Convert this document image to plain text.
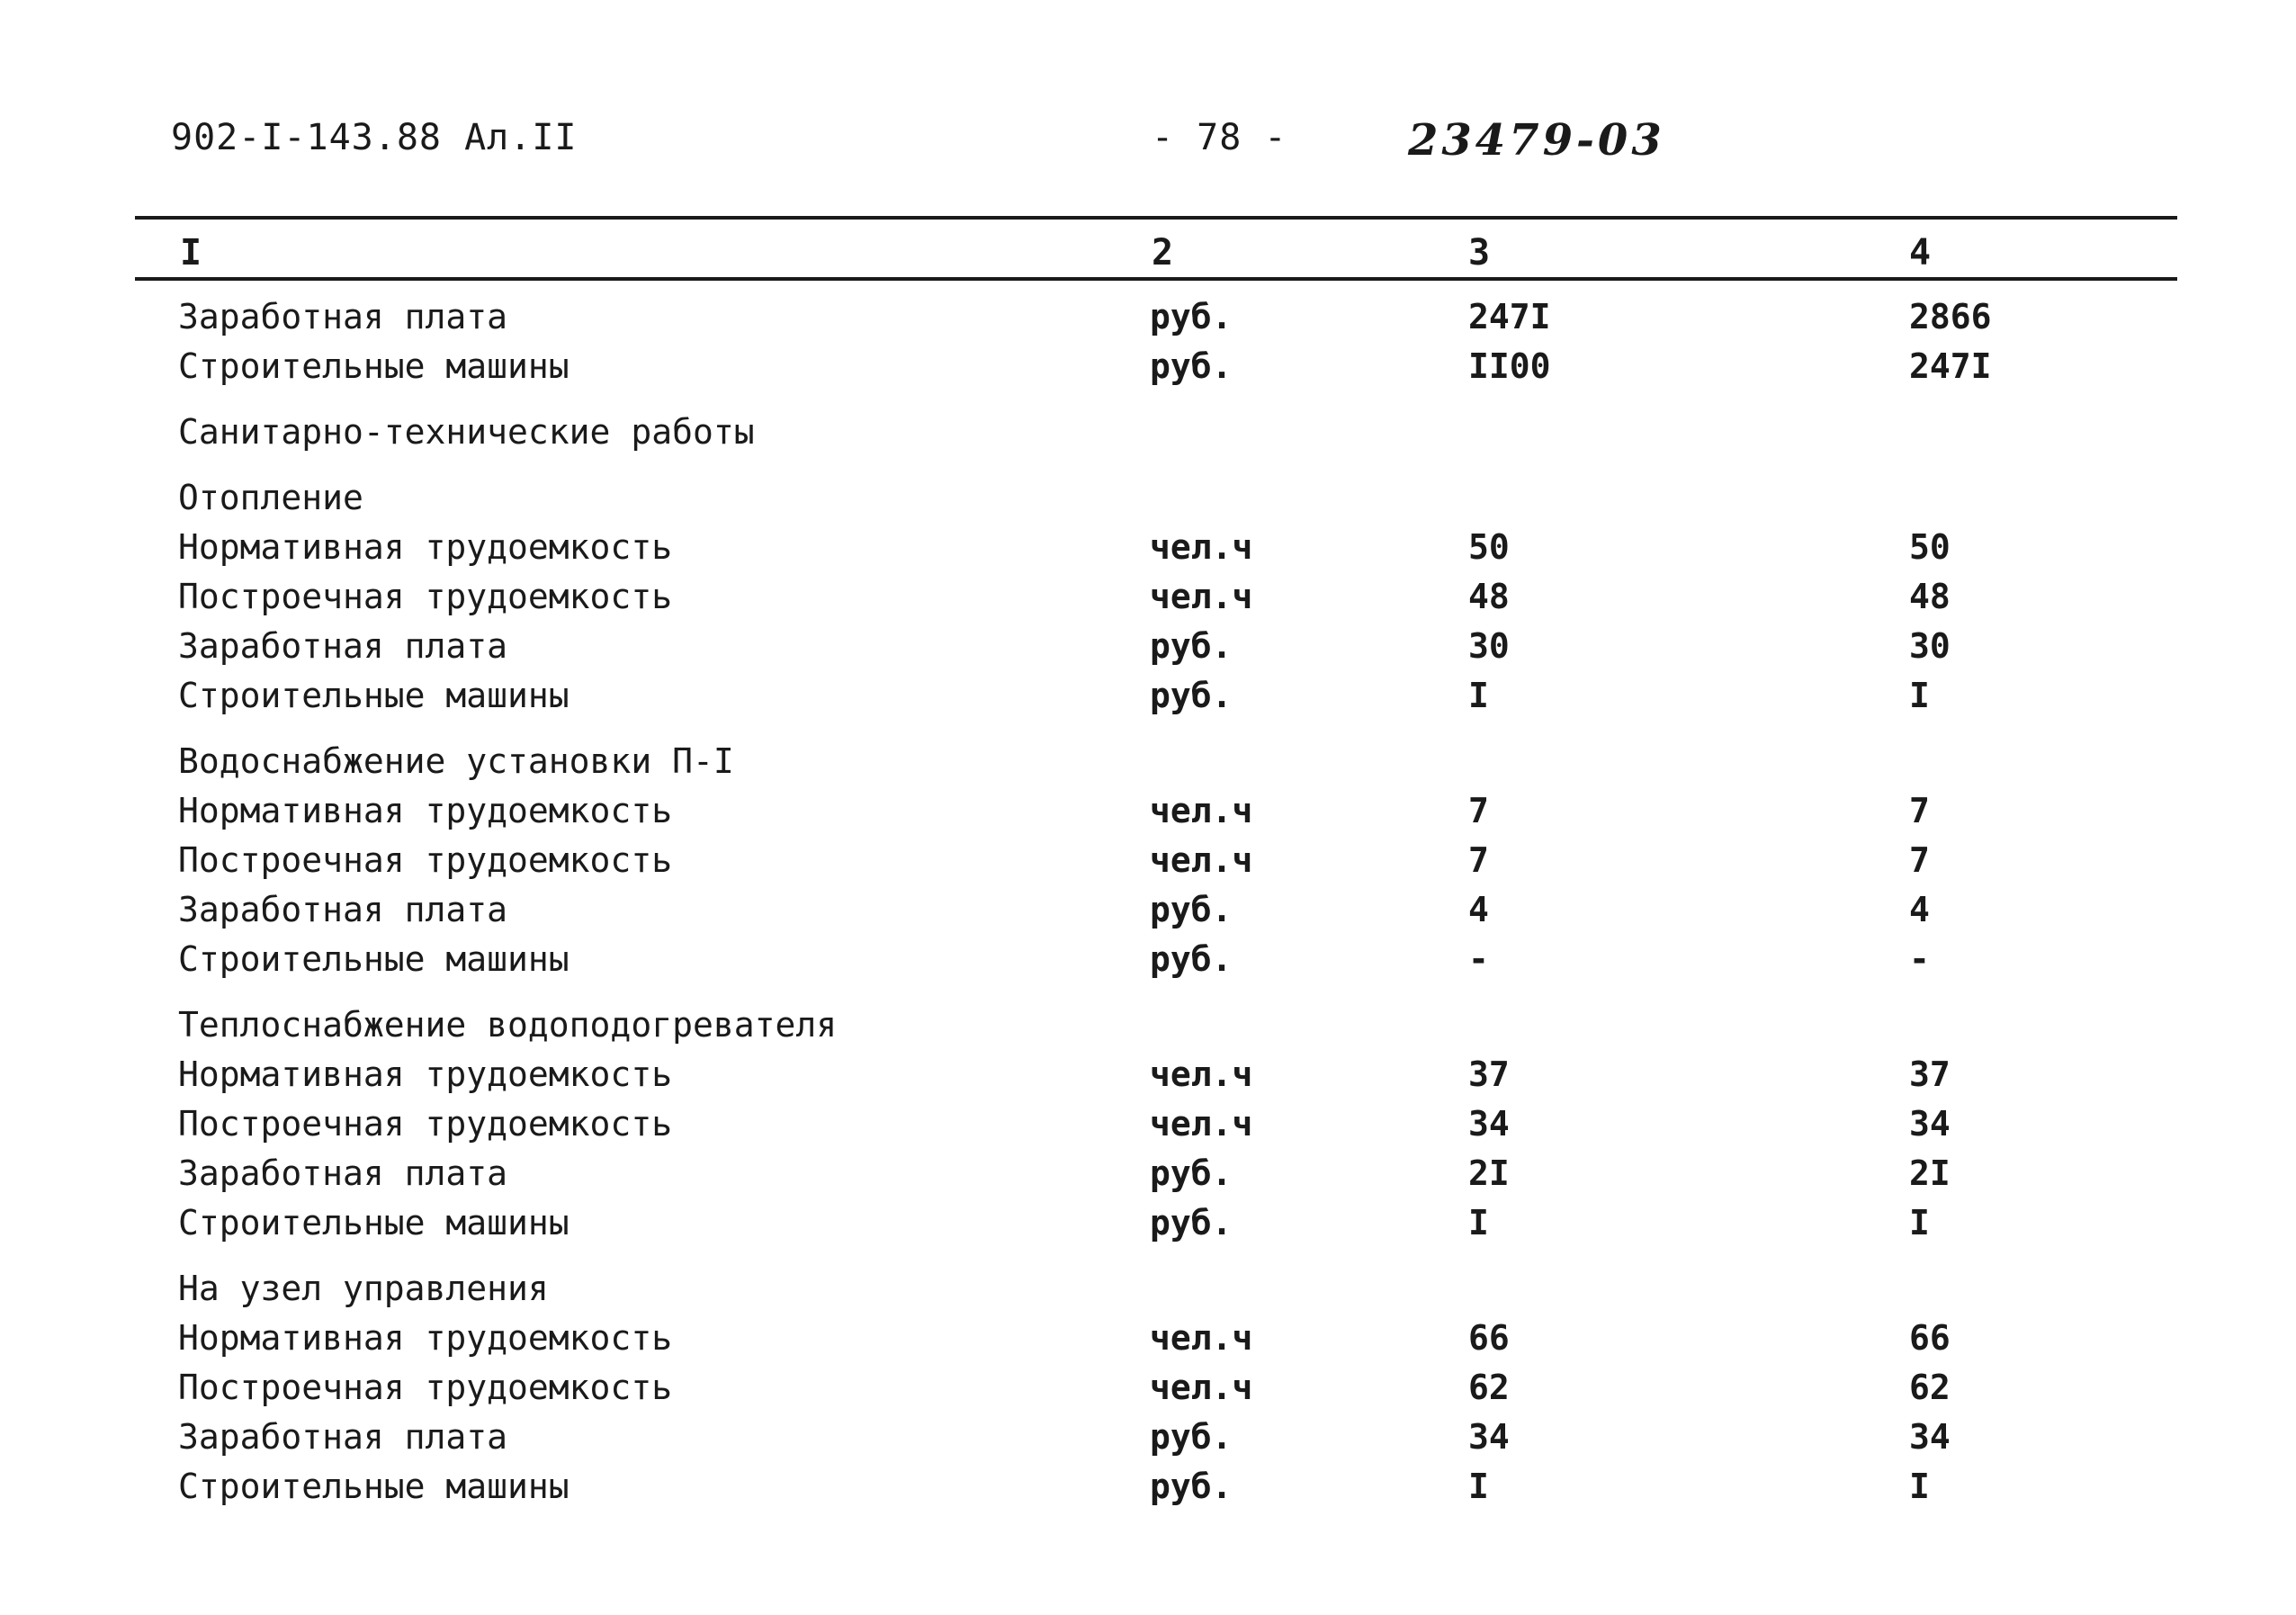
902-I-143.88 Ал.II	- 78 -	23479-03
I	2	3	4
Заработная плата	руб.	247I	2866
Строительные машины	руб.	II00	247I
Санитарно-технические работы
Отопление
Нормативная трудоемкость	чел.ч	50	50
Построечная трудоемкость	чел.ч	48	48
Заработная плата	руб.	30	30
Строительные машины	руб.	I	I
Водоснабжение установки П-I
Нормативная трудоемкость	чел.ч	7	7
Построечная трудоемкость	чел.ч	7	7
Заработная плата	руб.	4	4
Строительные машины	руб.	-	-
Теплоснабжение водоподогревателя
Нормативная трудоемкость	чел.ч	37	37
Построечная трудоемкость	чел.ч	34	34
Заработная плата	руб.	2I	2I
Строительные машины	руб.	I	I
На узел управления
Нормативная трудоемкость	чел.ч	66	66
Построечная трудоемкость	чел.ч	62	62
Заработная плата	руб.	34	34
Строительные машины	руб.	I	I
